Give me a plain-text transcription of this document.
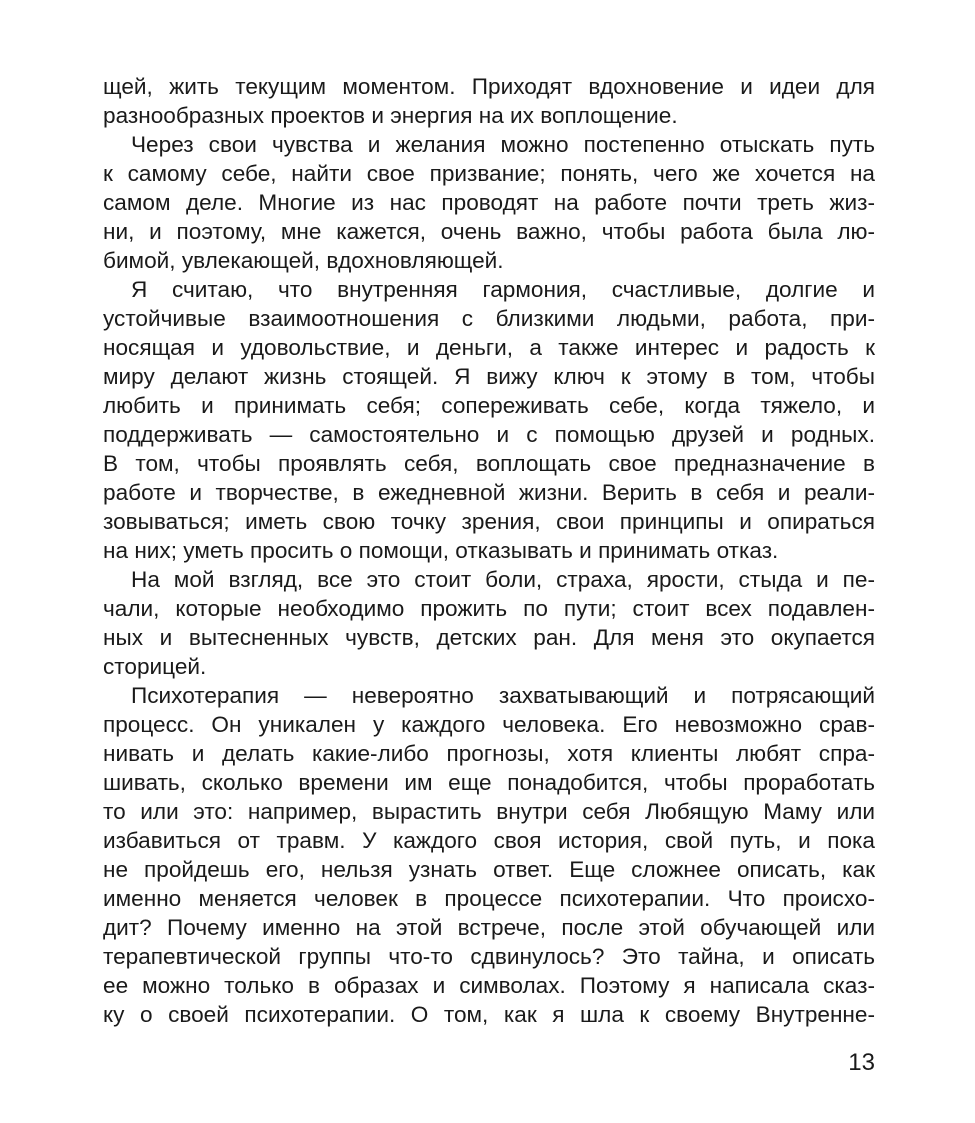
щей, жить текущим моментом. Приходят вдохновение и идеи для
разнообразных проектов и энергия на их воплощение.

Через свои чувства и желания можно постепенно отыскать путь
к самому себе, найти свое призвание; понять, чего же хочется на
самом деле. Многие из нас проводят на работе почти треть жиз-
ни, и поэтому, мне кажется, очень важно, чтобы работа была лю-
бимой, увлекающей, вдохновляющей.

Я считаю, что внутренняя гармония, счастливые, долгие и
устойчивые взаимоотношения с близкими людьми, работа, при-
носящая и удовольствие, и деньги, а также интерес и радость к
миру делают жизнь стоящей. Я вижу ключ к этому в том, чтобы
любить и принимать себя; сопереживать себе, когда тяжело, и
поддерживать — самостоятельно и с помощью друзей и родных.
В том, чтобы проявлять себя, воплощать свое предназначение в
работе и творчестве, в ежедневной жизни. Верить в себя и реали-
зовываться; иметь свою точку зрения, свои принципы и опираться
на них; уметь просить о помощи, отказывать и принимать отказ.

На мой взгляд, все это стоит боли, страха, ярости, стыда и пе-
чали, которые необходимо прожить по пути; стоит всех подавлен-
ных и вытесненных чувств, детских ран. Для меня это окупается
сторицей.

Психотерапия — невероятно захватывающий и потрясающий
процесс. Он уникален у каждого человека. Его невозможно срав-
нивать и делать какие-либо прогнозы, хотя клиенты любят спра-
шивать, сколько времени им еще понадобится, чтобы проработать
то или это: например, вырастить внутри себя Любящую Маму или
избавиться от травм. У каждого своя история, свой путь, и пока
не пройдешь его, нельзя узнать ответ. Еще сложнее описать, как
именно меняется человек в процессе психотерапии. Что происхо-
дит? Почему именно на этой встрече, после этой обучающей или
терапевтической группы что-то сдвинулось? Это тайна, и описать
ее можно только в образах и символах. Поэтому я написала сказ-
ку о своей психотерапии. О том, как я шла к своему Внутренне-

13
